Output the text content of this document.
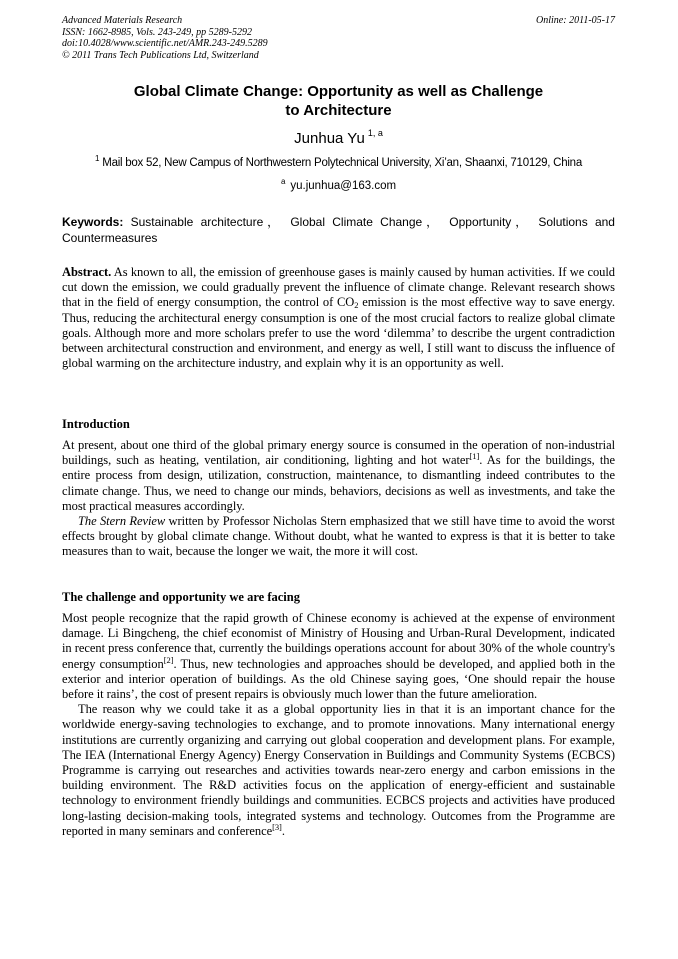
Advanced Materials Research
ISSN: 1662-8985, Vols. 243-249, pp 5289-5292
doi:10.4028/www.scientific.net/AMR.243-249.5289
© 2011 Trans Tech Publications Ltd, Switzerland
Online: 2011-05-17
Global Climate Change: Opportunity as well as Challenge
to Architecture
Junhua Yu $^{1, a}$
$^1$ Mail box 52, New Campus of Northwestern Polytechnical University, Xi’an, Shaanxi, 710129, China
$^a$ yu.junhua@163.com
Keywords: Sustainable architecture， Global Climate Change， Opportunity， Solutions and Countermeasures

Abstract. As known to all, the emission of greenhouse gases is mainly caused by human activities. If we could cut down the emission, we could gradually prevent the influence of climate change. Relevant research shows that in the field of energy consumption, the control of $CO_2$ emission is the most effective way to save energy. Thus, reducing the architectural energy consumption is one of the most crucial factors to realize global climate goals. Although more and more scholars prefer to use the word ‘dilemma’ to describe the urgent contradiction between architectural construction and environment, and energy as well, I still want to discuss the influence of global warming on the architecture industry, and explain why it is an opportunity as well.

Introduction

At present, about one third of the global primary energy source is consumed in the operation of non-industrial buildings, such as heating, ventilation, air conditioning, lighting and hot water[1]. As for the buildings, the entire process from design, utilization, construction, maintenance, to dismantling indeed contributes to the climate change. Thus, we need to change our minds, behaviors, decisions as well as investments, and take the most practical measures accordingly.

The Stern Review written by Professor Nicholas Stern emphasized that we still have time to avoid the worst effects brought by global climate change. Without doubt, what he wanted to express is that it is better to take measures than to wait, because the longer we wait, the more it will cost.

The challenge and opportunity we are facing

Most people recognize that the rapid growth of Chinese economy is achieved at the expense of environment damage. Li Bingcheng, the chief economist of Ministry of Housing and Urban-Rural Development, indicated in recent press conference that, currently the buildings operations account for about 30% of the whole country's energy consumption[2]. Thus, new technologies and approaches should be developed, and applied both in the exterior and interior operation of buildings. As the old Chinese saying goes, ‘One should repair the house before it rains’, the cost of present repairs is obviously much lower than the future amelioration.

The reason why we could take it as a global opportunity lies in that it is an important chance for the worldwide energy-saving technologies to exchange, and to promote innovations. Many international energy institutions are currently organizing and carrying out global cooperation and development plans. For example, The IEA (International Energy Agency) Energy Conservation in Buildings and Community Systems (ECBCS) Programme is carrying out researches and activities towards near-zero energy and carbon emissions in the building environment. The R&D activities focus on the application of energy-efficient and sustainable technology to environment friendly buildings and communities. ECBCS projects and activities have produced long-lasting decision-making tools, integrated systems and technology. Outcomes from the Programme are reported in many seminars and conference[3].
